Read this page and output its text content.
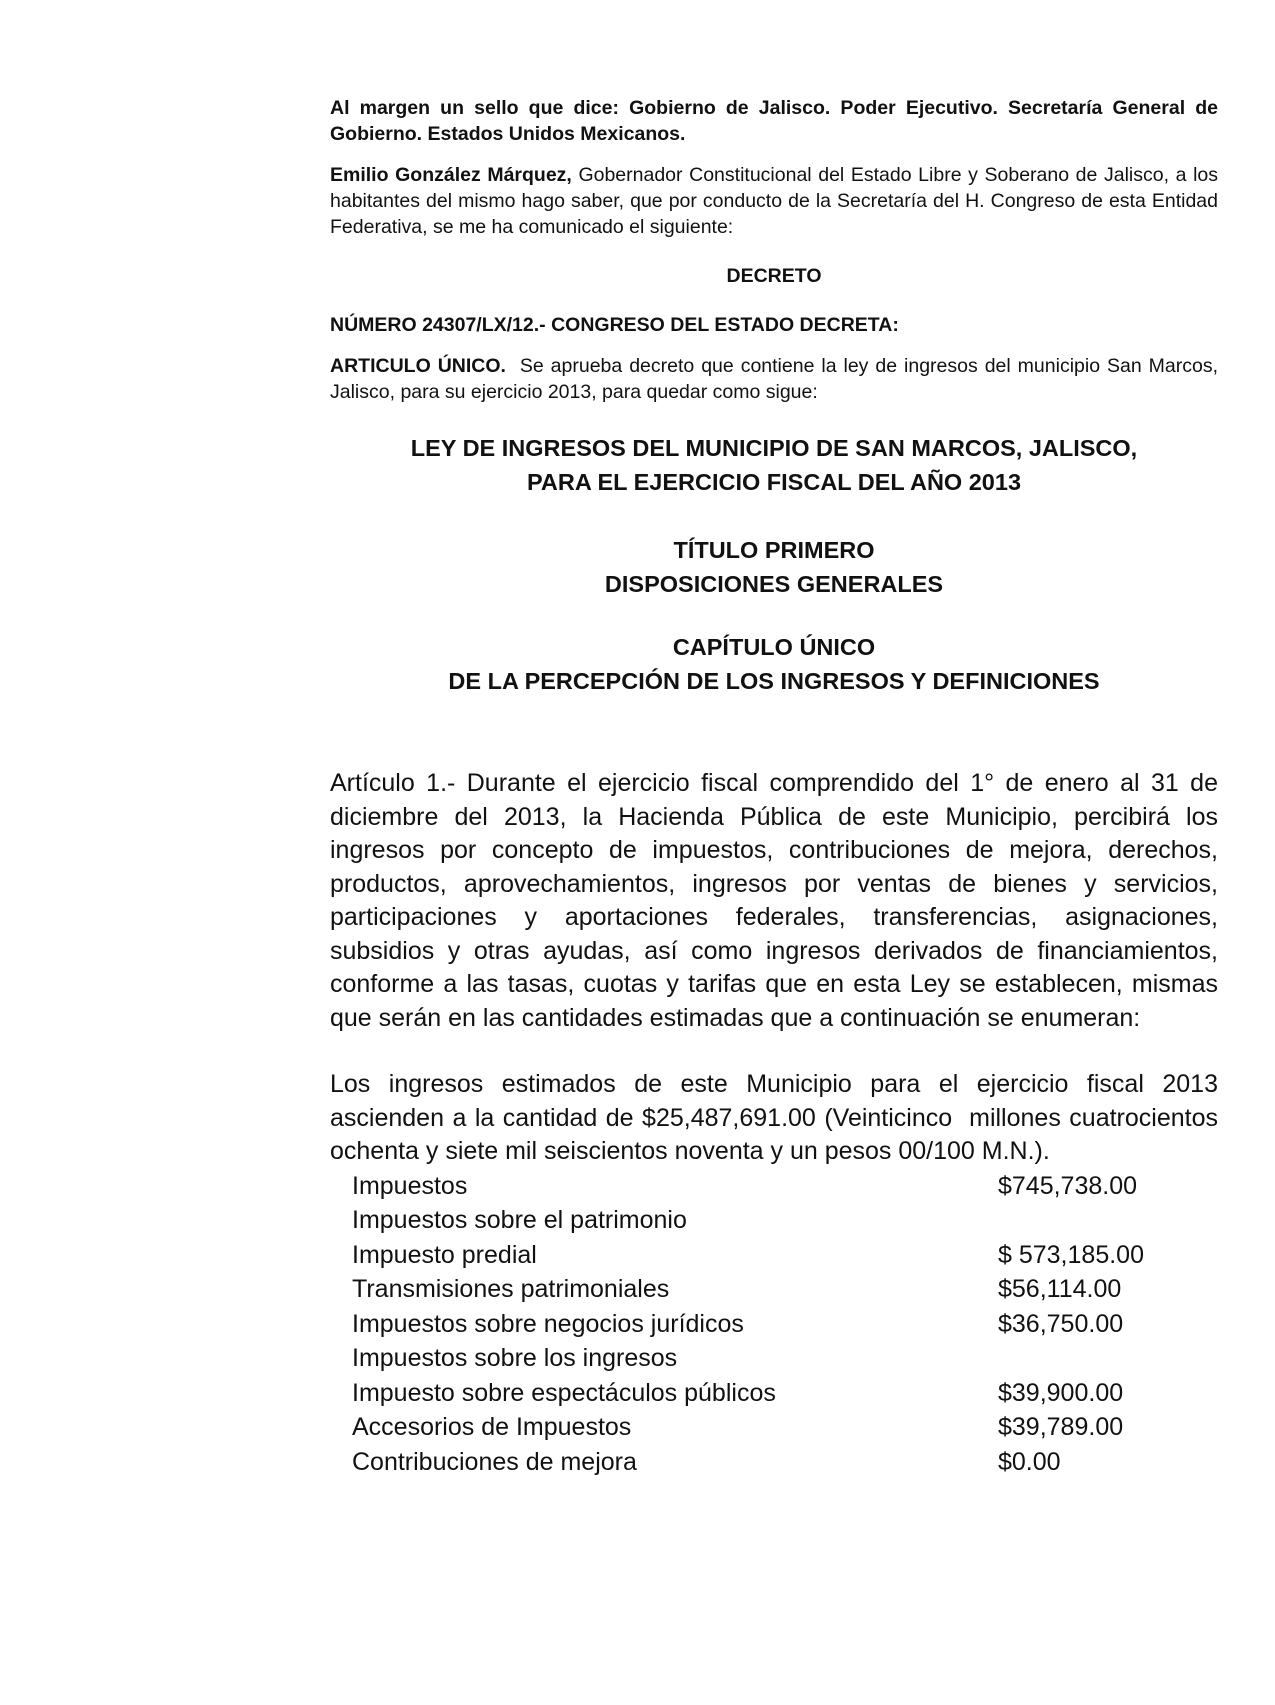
Al margen un sello que dice: Gobierno de Jalisco. Poder Ejecutivo. Secretaría General de Gobierno. Estados Unidos Mexicanos.

Emilio González Márquez, Gobernador Constitucional del Estado Libre y Soberano de Jalisco, a los habitantes del mismo hago saber, que por conducto de la Secretaría del H. Congreso de esta Entidad Federativa, se me ha comunicado el siguiente:

DECRETO

NÚMERO 24307/LX/12.- CONGRESO DEL ESTADO DECRETA:

ARTICULO ÚNICO.  Se aprueba decreto que contiene la ley de ingresos del municipio San Marcos, Jalisco, para su ejercicio 2013, para quedar como sigue:

LEY DE INGRESOS DEL MUNICIPIO DE SAN MARCOS, JALISCO,
PARA EL EJERCICIO FISCAL DEL AÑO 2013
TÍTULO PRIMERO
DISPOSICIONES GENERALES
CAPÍTULO ÚNICO
DE LA PERCEPCIÓN DE LOS INGRESOS Y DEFINICIONES

Artículo 1.- Durante el ejercicio fiscal comprendido del 1° de enero al 31 de diciembre del 2013, la Hacienda Pública de este Municipio, percibirá los ingresos por concepto de impuestos, contribuciones de mejora, derechos, productos, aprovechamientos, ingresos por ventas de bienes y servicios, participaciones y aportaciones federales, transferencias, asignaciones, subsidios y otras ayudas, así como ingresos derivados de financiamientos, conforme a las tasas, cuotas y tarifas que en esta Ley se establecen, mismas que serán en las cantidades estimadas que a continuación se enumeran:

Los ingresos estimados de este Municipio para el ejercicio fiscal 2013 ascienden a la cantidad de $25,487,691.00 (Veinticinco  millones cuatrocientos ochenta y siete mil seiscientos noventa y un pesos 00/100 M.N.).

Impuestos	$745,738.00
Impuestos sobre el patrimonio
Impuesto predial	$ 573,185.00
Transmisiones patrimoniales	$56,114.00
Impuestos sobre negocios jurídicos	$36,750.00
Impuestos sobre los ingresos
Impuesto sobre espectáculos públicos	$39,900.00
Accesorios de Impuestos	$39,789.00
Contribuciones de mejora	$0.00
